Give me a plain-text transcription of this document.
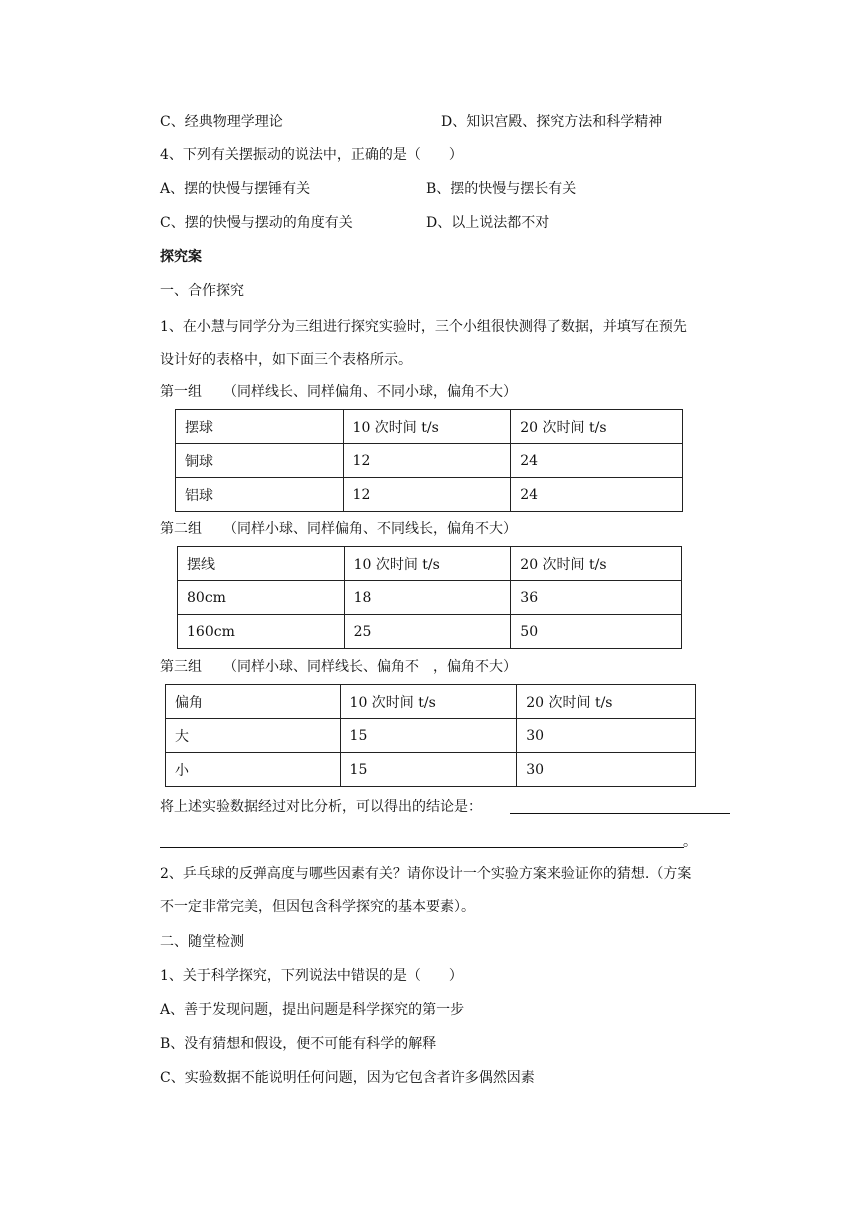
C、经典物理学理论	D、知识宫殿、探究方法和科学精神
4、下列有关摆振动的说法中，正确的是（　　）
A、摆的快慢与摆锤有关	B、摆的快慢与摆长有关
C、摆的快慢与摆动的角度有关	D、以上说法都不对
探究案
一、合作探究
1、在小慧与同学分为三组进行探究实验时，三个小组很快测得了数据，并填写在预先
设计好的表格中，如下面三个表格所示。
第一组　　（同样线长、同样偏角、不同小球，偏角不大）
摆球	10 次时间 t/s	20 次时间 t/s
铜球	12	24
铝球	12	24
第二组　　（同样小球、同样偏角、不同线长，偏角不大）
摆线	10 次时间 t/s	20 次时间 t/s
80cm	18	36
160cm	25	50
第三组　　（同样小球、同样线长、偏角不　，偏角不大）
偏角	10 次时间 t/s	20 次时间 t/s
大	15	30
小	15	30
将上述实验数据经过对比分析，可以得出的结论是：
。
2、乒乓球的反弹高度与哪些因素有关？请你设计一个实验方案来验证你的猜想.（方案
不一定非常完美，但因包含科学探究的基本要素）。
二、随堂检测
1、关于科学探究，下列说法中错误的是（　　）
A、善于发现问题，提出问题是科学探究的第一步
B、没有猜想和假设，便不可能有科学的解释
C、实验数据不能说明任何问题，因为它包含者许多偶然因素
